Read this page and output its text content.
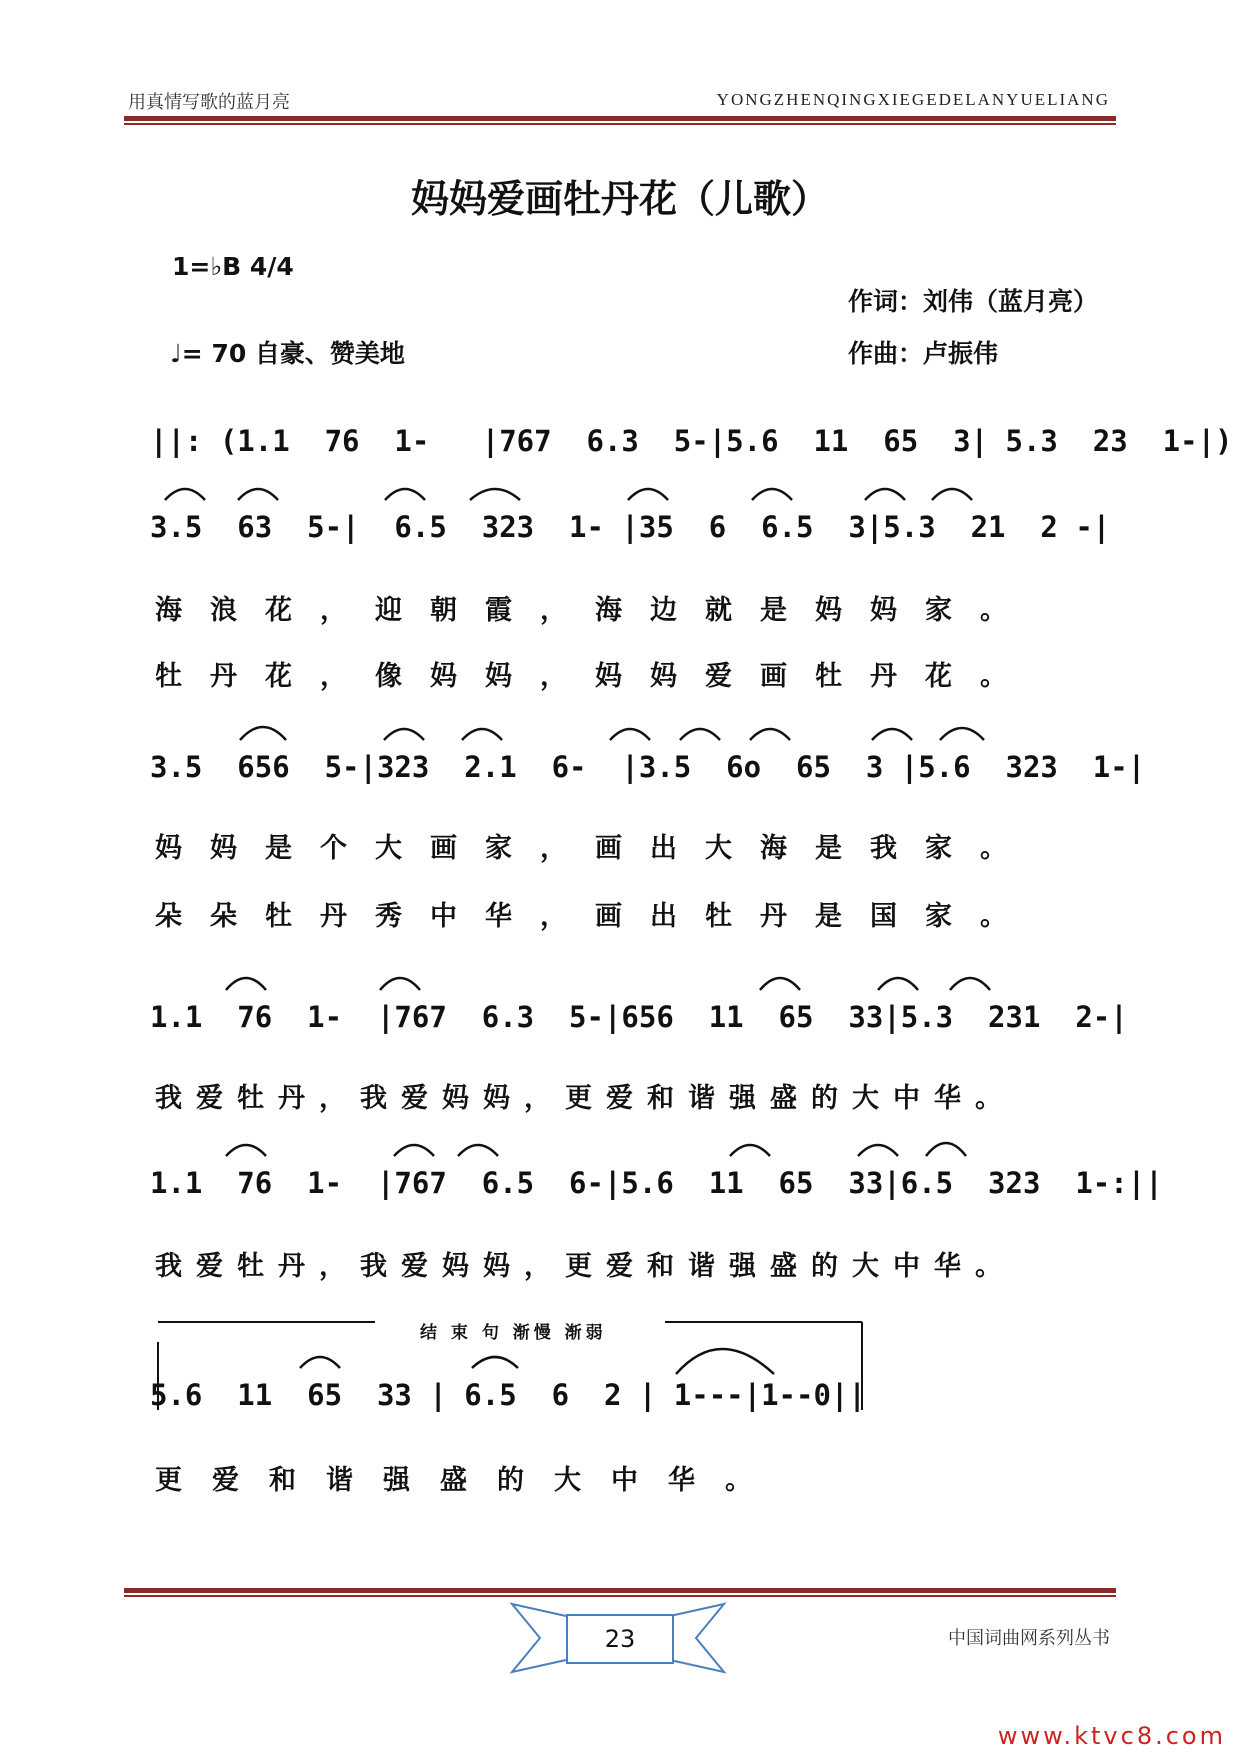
用真情写歌的蓝月亮	YONGZHENQINGXIEGEDELANYUELIANG
妈妈爱画牡丹花（儿歌）
1=♭B 4/4
作词：刘伟（蓝月亮）
♩= 70 自豪、赞美地	作曲：卢振伟
||: (1.1  76  1-   |767  6.3  5-|5.6  11  65  3| 5.3  23  1-|)
3.5  63  5-|  6.5  323  1- |35  6  6.5  3|5.3  21  2 -|
海浪花，迎朝霞，海边就是妈妈家。
牡丹花，像妈妈，妈妈爱画牡丹花。
3.5  656  5-|323  2.1  6-  |3.5  6o  65  3 |5.6  323  1-|
妈妈是个大画家，画出大海是我家。
朵朵牡丹秀中华，画出牡丹是国家。
1.1  76  1-  |767  6.3  5-|656  11  65  33|5.3  231  2-|
我爱牡丹，我爱妈妈，更爱和谐强盛的大中华。
1.1  76  1-  |767  6.5  6-|5.6  11  65  33|6.5  323  1-:||
我爱牡丹，我爱妈妈，更爱和谐强盛的大中华。
结 束 句 渐慢 渐弱
5.6  11  65  33 | 6.5  6  2 | 1---|1--0||
更爱和谐强盛的大中华。
23	中国词曲网系列丛书
www.ktvc8.com
